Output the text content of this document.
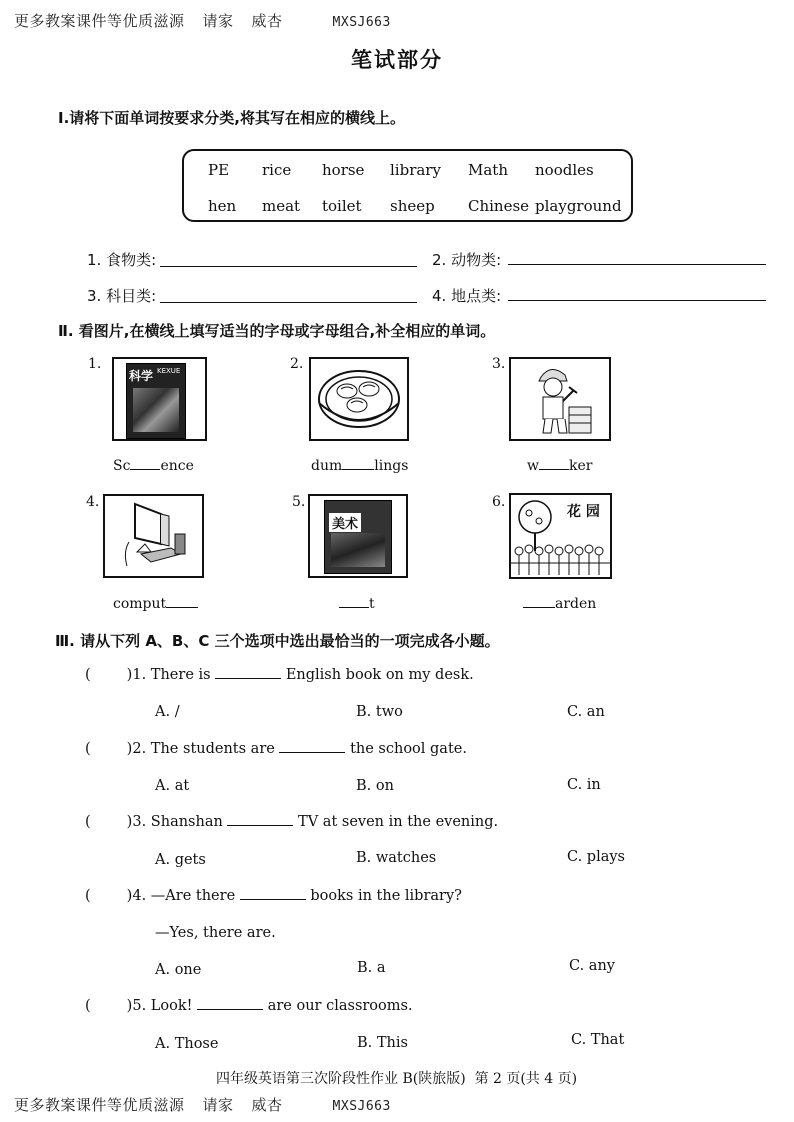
更多教案课件等优质滋源 请家 威杏	MXSJ663
笔试部分
Ⅰ.请将下面单词按要求分类,将其写在相应的横线上。
PE rice horse library Math noodles
hen meat toilet sheep Chinese playground
1. 食物类:	2. 动物类:
3. 科目类:	4. 地点类:
Ⅱ. 看图片,在横线上填写适当的字母或字母组合,补全相应的单词。
1.
科学 KEXUE
Sc ence
2.
dum lings
3.
w ker
4.
comput
5.
美术
t
6.
花 园
arden
Ⅲ. 请从下列 A、B、C 三个选项中选出最恰当的一项完成各小题。
( )1. There is	English book on my desk.
A. /	B. two	C. an
( )2. The students are	the school gate.
A. at	B. on	C. in
( )3. Shanshan	TV at seven in the evening.
A. gets	B. watches	C. plays
( )4. —Are there	books in the library?
—Yes, there are.
A. one	B. a	C. any
( )5. Look!	are our classrooms.
A. Those	B. This	C. That
四年级英语第三次阶段性作业 B(陕旅版) 第 2 页(共 4 页)
更多教案课件等优质滋源 请家 威杏	MXSJ663
